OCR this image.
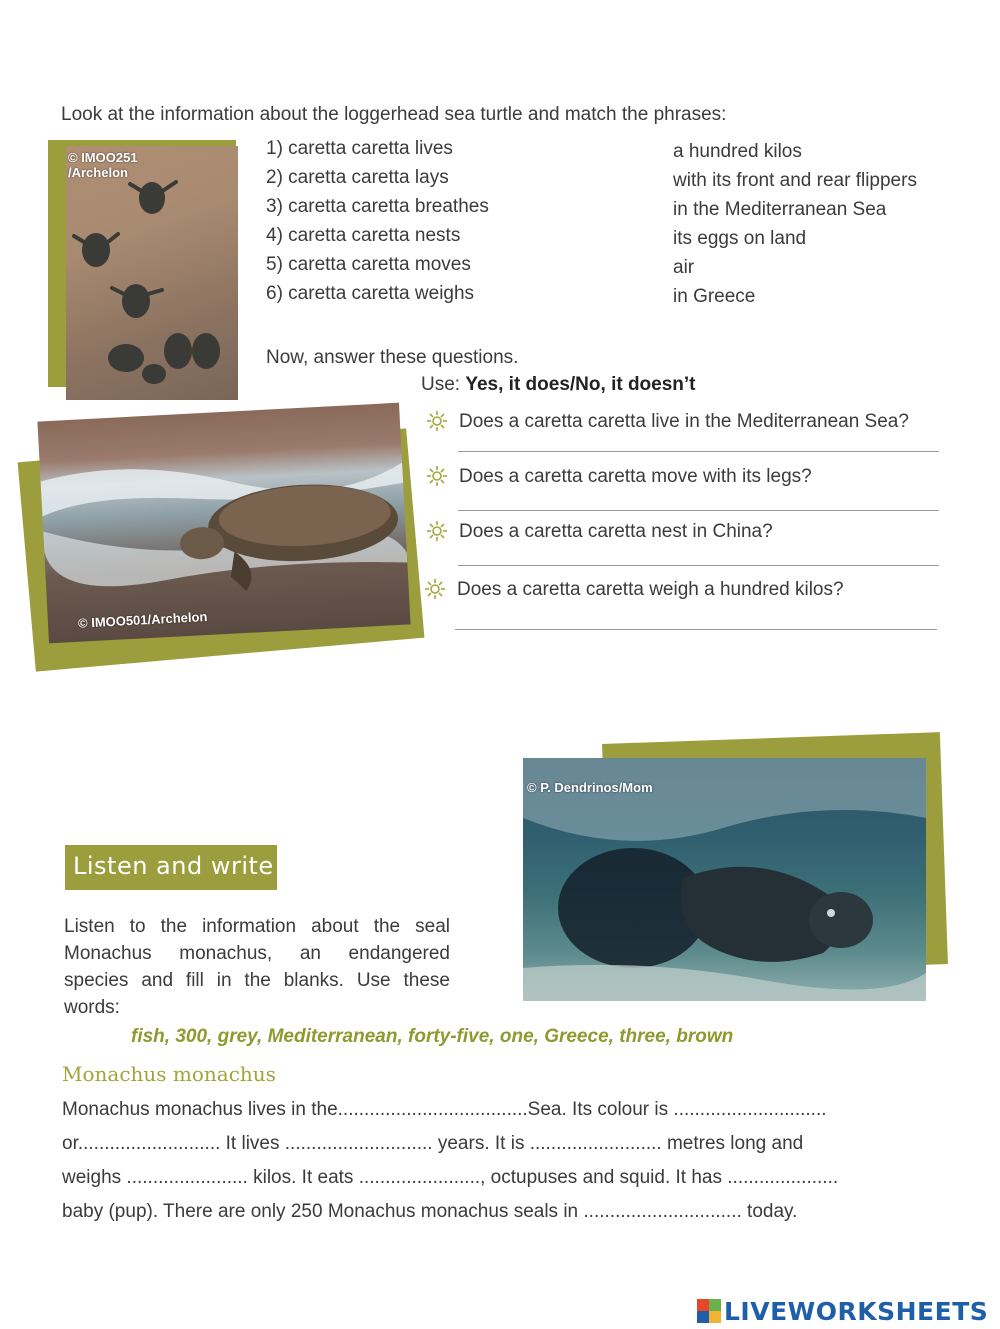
Look at the information about the loggerhead sea turtle and match the phrases:
© IMOO251
/Archelon
1) caretta caretta lives
2) caretta caretta lays
3) caretta caretta breathes
4) caretta caretta nests
5) caretta caretta moves
6) caretta caretta weighs
a hundred kilos
with its front and rear flippers
in the Mediterranean Sea
its eggs on land
air
in Greece
Now, answer these questions.
Use: Yes, it does/No, it doesn’t
© IMOO501/Archelon
Does a caretta caretta live in the Mediterranean Sea?
Does a caretta caretta move with its legs?
Does a caretta caretta nest in China?
Does a caretta caretta weigh a hundred kilos?
© P. Dendrinos/Mom
Listen and write
Listen to the information about the seal
Monachus monachus, an endangered
species and fill in the blanks. Use these
words:
fish, 300, grey, Mediterranean, forty-five, one, Greece, three, brown
Monachus monachus
Monachus monachus lives in the....................................Sea. Its colour is .............................
or........................... It lives ............................ years. It is ......................... metres long and
weighs ....................... kilos. It eats ......................., octupuses and squid. It has .....................
baby (pup). There are only 250 Monachus monachus seals in .............................. today.
LIVEWORKSHEETS
